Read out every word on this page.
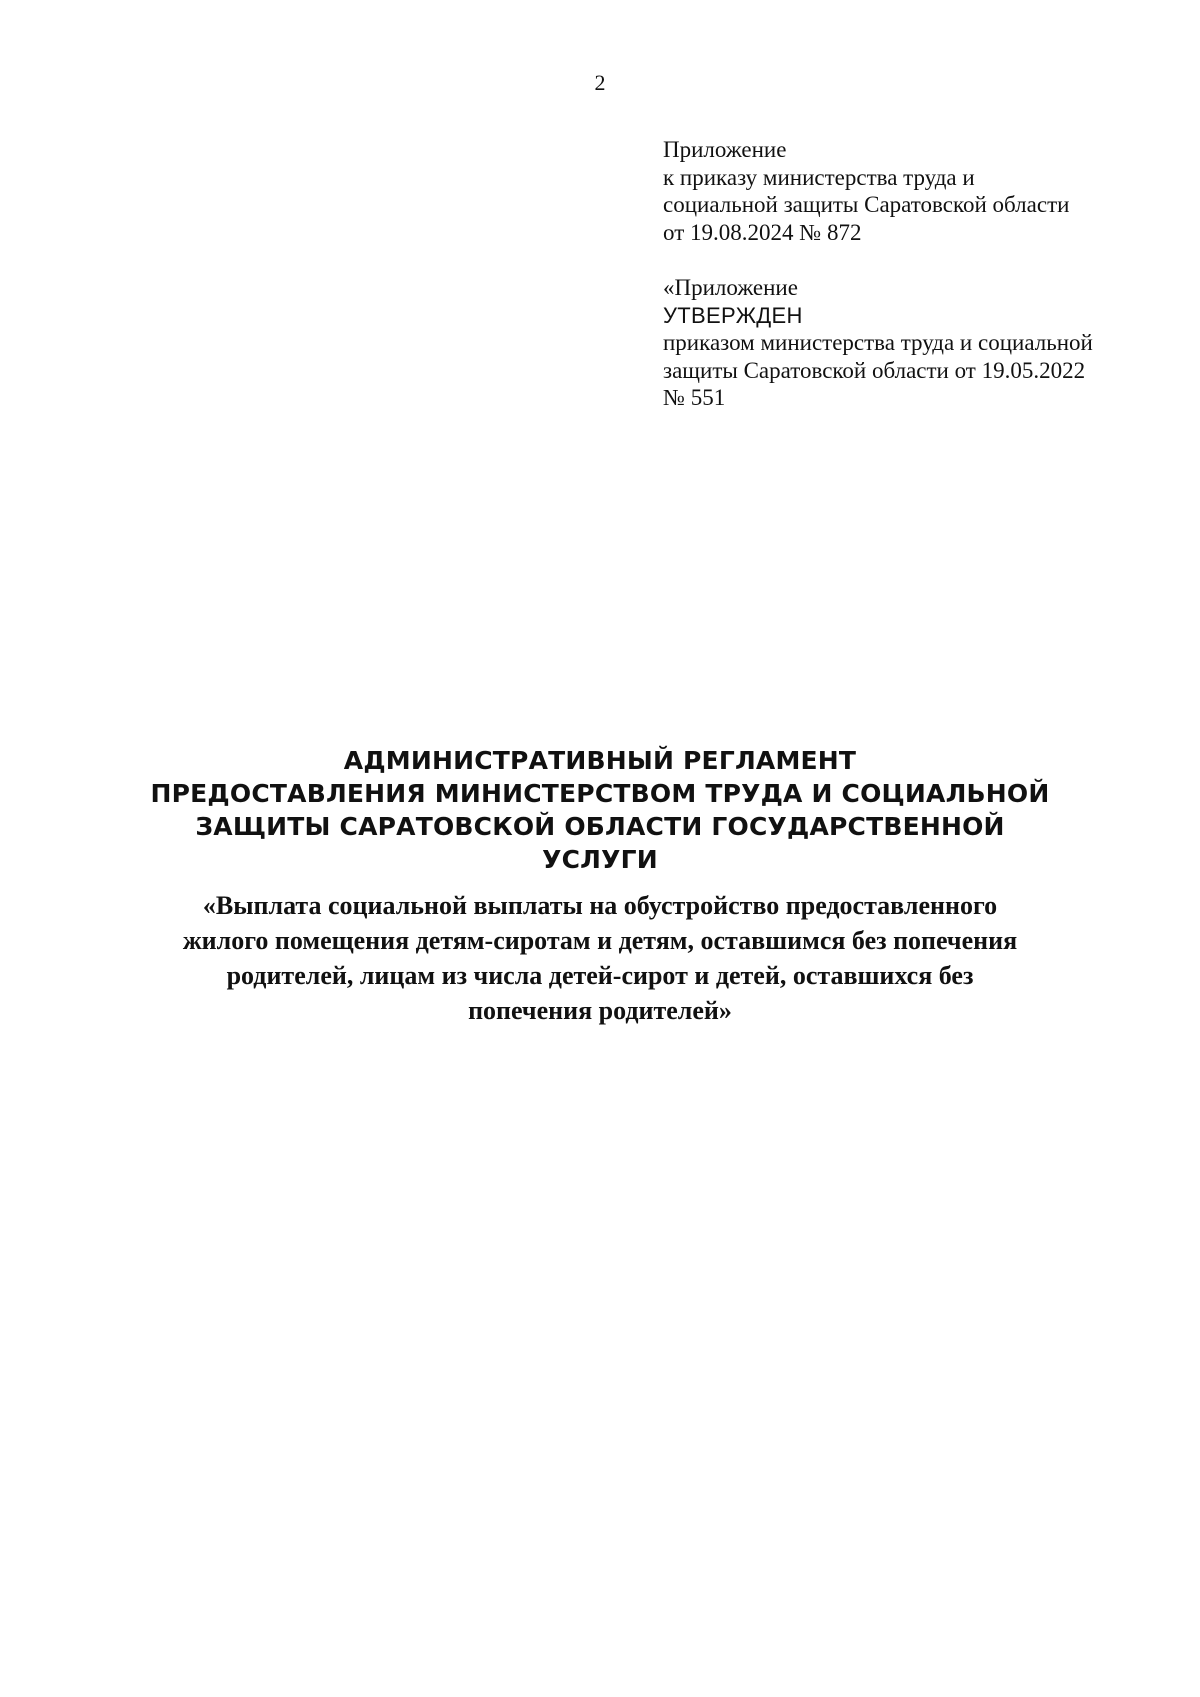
2
Приложение
к приказу министерства труда и
социальной защиты Саратовской области
от 19.08.2024 № 872
«Приложение
УТВЕРЖДЕН
приказом министерства труда и социальной
защиты Саратовской области от 19.05.2022
№ 551
АДМИНИСТРАТИВНЫЙ РЕГЛАМЕНТ
ПРЕДОСТАВЛЕНИЯ МИНИСТЕРСТВОМ ТРУДА И СОЦИАЛЬНОЙ
ЗАЩИТЫ САРАТОВСКОЙ ОБЛАСТИ ГОСУДАРСТВЕННОЙ
УСЛУГИ
«Выплата социальной выплаты на обустройство предоставленного
жилого помещения детям-сиротам и детям, оставшимся без попечения
родителей, лицам из числа детей-сирот и детей, оставшихся без
попечения родителей»
